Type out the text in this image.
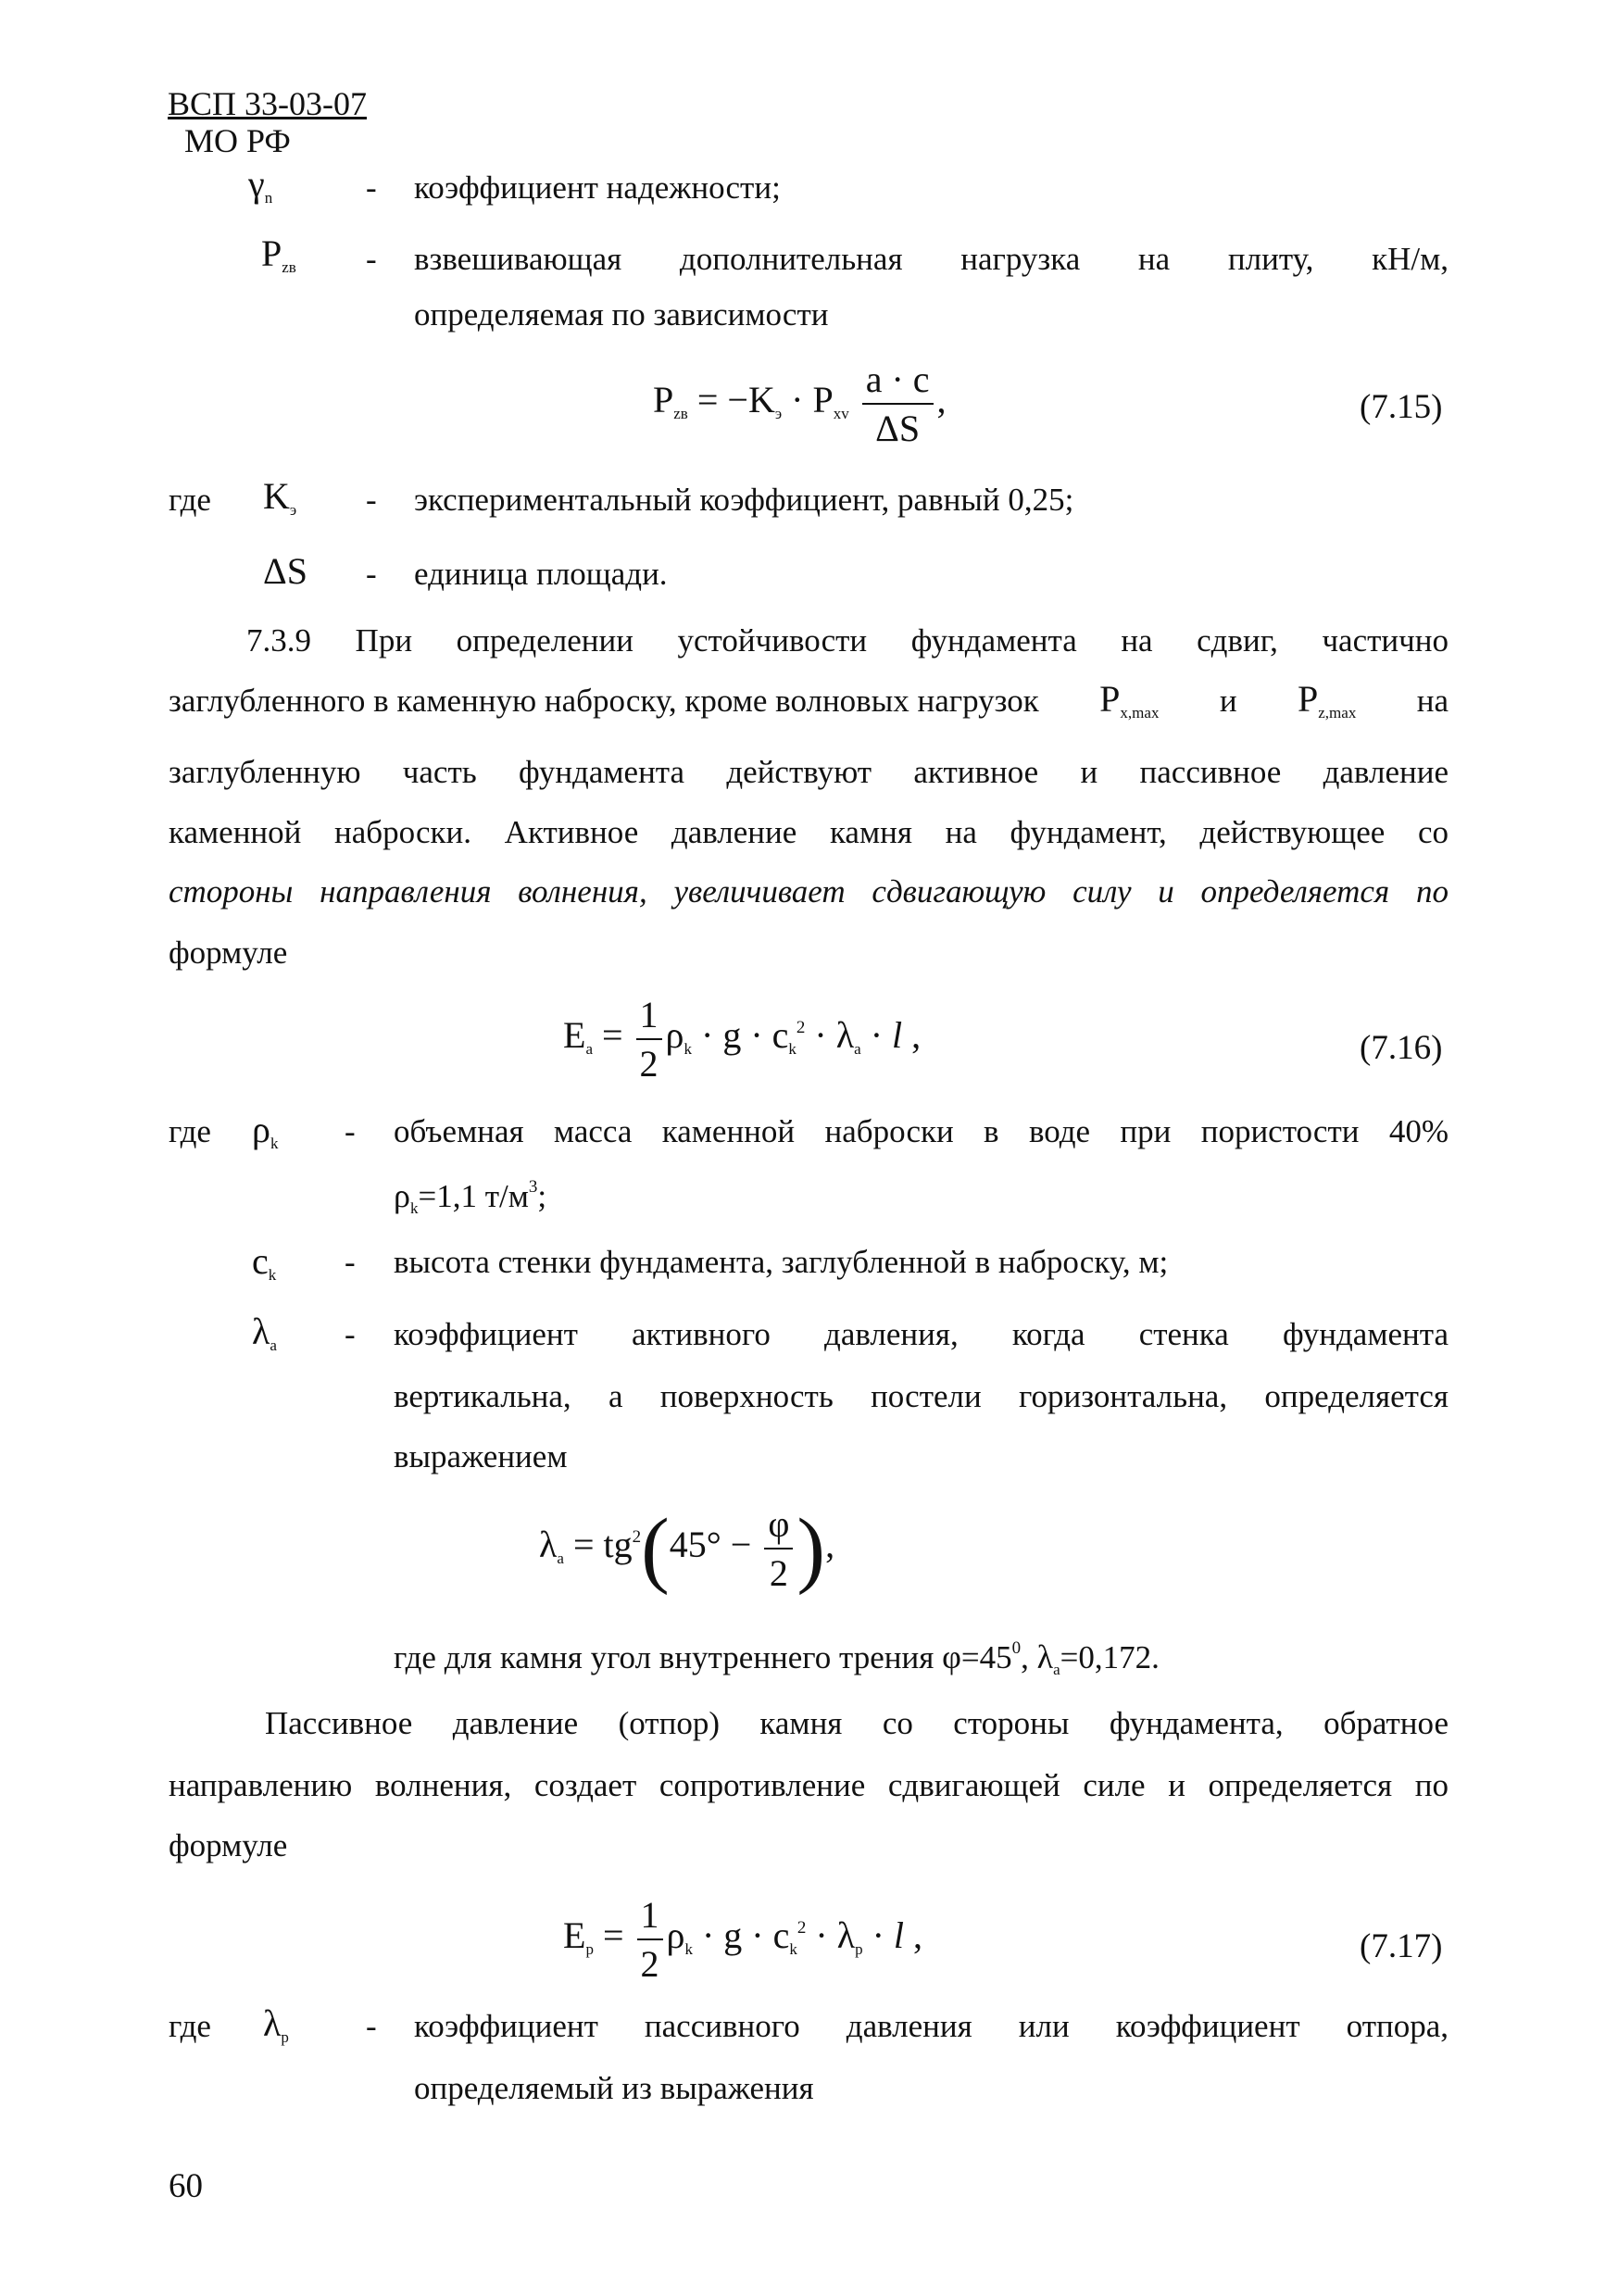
ВСП 33-03-07
МО РФ
$\gamma_n$	- коэффициент надежности;
$P_{zв}$ - взвешивающая дополнительная нагрузка на плиту, кН/м,
определяемая по зависимости
$P_{zв} = -K_э \cdot P_{xv} \frac{a \cdot c}{\Delta S}$ ,	(7.15)
где $K_э$ - экспериментальный коэффициент, равный 0,25;
ΔS - единица площади.
7.3.9 При определении устойчивости фундамента на сдвиг, частично
заглубленного в каменную наброску, кроме волновых нагрузок $P_{x,max}$ и $P_{z,max}$ на
заглубленную часть фундамента действуют активное и пассивное давление
каменной наброски. Активное давление камня на фундамент, действующее со
стороны направления волнения, увеличивает сдвигающую силу и определяется по
формуле
$E_a = \frac{1}{2} \rho_k \cdot g \cdot c_k^2 \cdot \lambda_a \cdot l$ ,	(7.16)
где $\rho_k$ - объемная масса каменной наброски в воде при пористости 40%
$\rho_k=1,1$ $т/м^3$;
$c_k$ - высота стенки фундамента, заглубленной в наброску, м;
$\lambda_a$ - коэффициент активного давления, когда стенка фундамента
вертикальна, а поверхность постели горизонтальна, определяется
выражением
$\lambda_a = tg^2(45^\circ - \frac{\varphi}{2}$ ),
где для камня угол внутреннего трения $\varphi=45^0$, $\lambda_a=0,172$.
Пассивное давление (отпор) камня со стороны фундамента, обратное
направлению волнения, создает сопротивление сдвигающей силе и определяется по
формуле
$E_p = \frac{1}{2} \rho_k \cdot g \cdot c_k^2 \cdot \lambda_p \cdot l$ ,	(7.17)
где $\lambda_p$ - коэффициент пассивного давления или коэффициент отпора,
определяемый из выражения
60
